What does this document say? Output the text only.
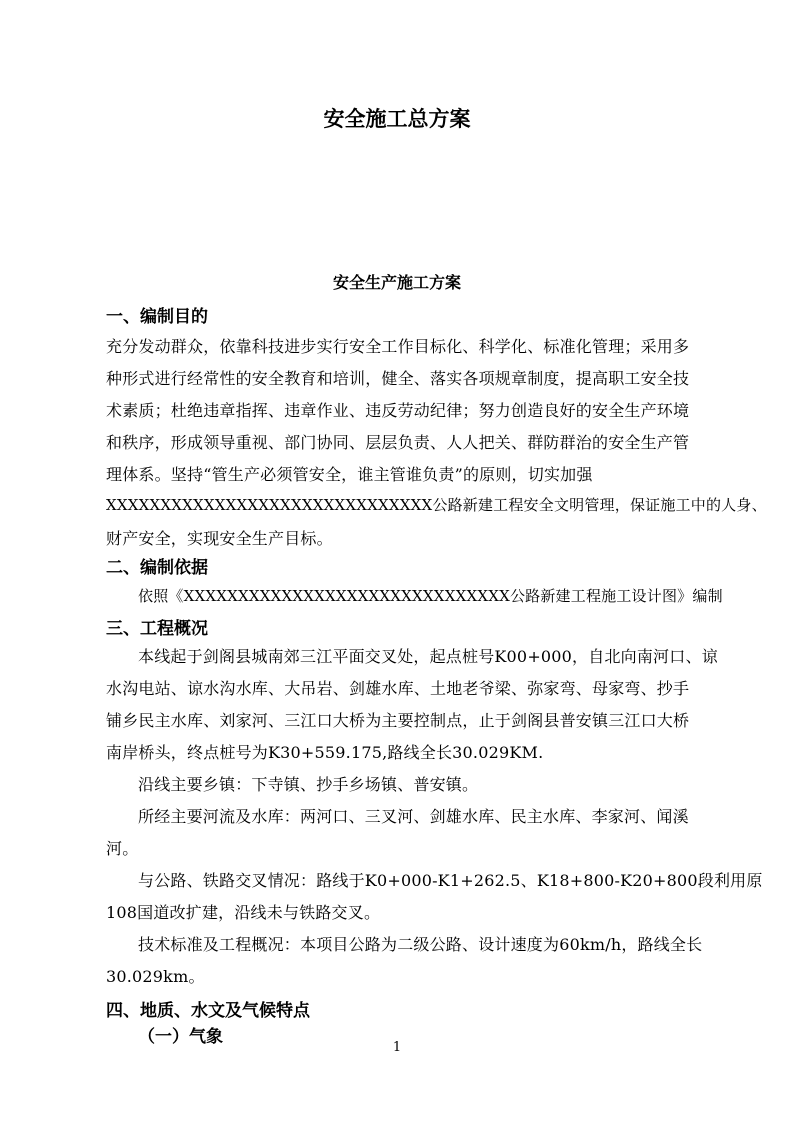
安全施工总方案
安全生产施工方案
一、编制目的
充分发动群众，依靠科技进步实行安全工作目标化、科学化、标准化管理；采用多
种形式进行经常性的安全教育和培训，健全、落实各项规章制度，提高职工安全技
术素质；杜绝违章指挥、违章作业、违反劳动纪律；努力创造良好的安全生产环境
和秩序，形成领导重视、部门协同、层层负责、人人把关、群防群治的安全生产管
理体系。坚持“管生产必须管安全，谁主管谁负责”的原则，切实加强
XXXXXXXXXXXXXXXXXXXXXXXXXXXXXX公路新建工程安全文明管理，保证施工中的人身、
财产安全，实现安全生产目标。
二、编制依据
依照《XXXXXXXXXXXXXXXXXXXXXXXXXXXXXX公路新建工程施工设计图》编制
三、工程概况
本线起于剑阁县城南郊三江平面交叉处，起点桩号K00+000，自北向南河口、谅
水沟电站、谅水沟水库、大吊岩、剑雄水库、土地老爷梁、弥家弯、母家弯、抄手
铺乡民主水库、刘家河、三江口大桥为主要控制点，止于剑阁县普安镇三江口大桥
南岸桥头，终点桩号为K30+559.175,路线全长30.029KM.
沿线主要乡镇：下寺镇、抄手乡场镇、普安镇。
所经主要河流及水库：两河口、三叉河、剑雄水库、民主水库、李家河、闻溪
河。
与公路、铁路交叉情况：路线于K0+000-K1+262.5、K18+800-K20+800段利用原
108国道改扩建，沿线未与铁路交叉。
技术标准及工程概况：本项目公路为二级公路、设计速度为60km/h，路线全长
30.029km。
四、地质、水文及气候特点
（一）气象
1
